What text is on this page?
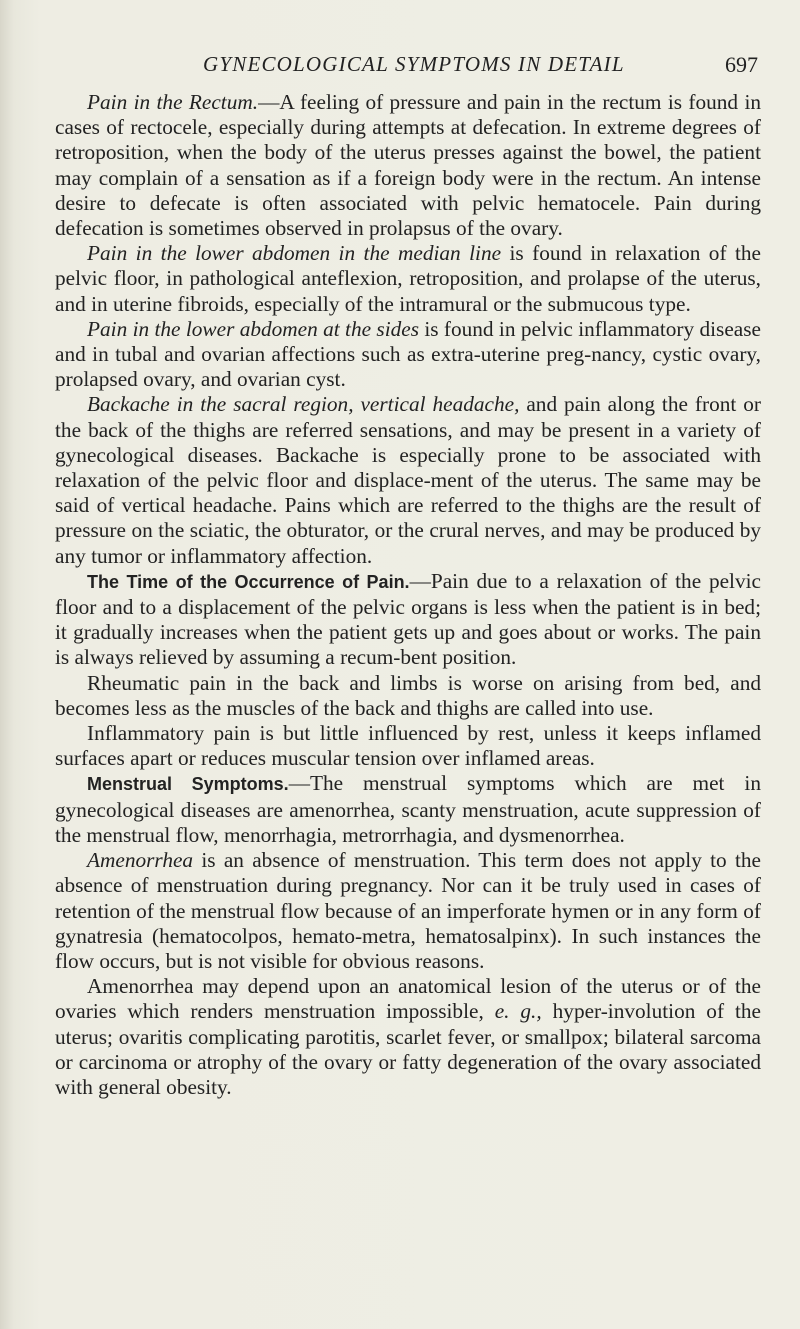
GYNECOLOGICAL SYMPTOMS IN DETAIL	697

Pain in the Rectum.—A feeling of pressure and pain in the rectum is found in cases of rectocele, especially during attempts at defecation. In extreme degrees of retroposition, when the body of the uterus presses against the bowel, the patient may complain of a sensation as if a foreign body were in the rectum. An intense desire to defecate is often associated with pelvic hematocele. Pain during defecation is sometimes observed in prolapsus of the ovary.

Pain in the lower abdomen in the median line is found in relaxation of the pelvic floor, in pathological anteflexion, retroposition, and prolapse of the uterus, and in uterine fibroids, especially of the intramural or the submucous type.

Pain in the lower abdomen at the sides is found in pelvic inflammatory disease and in tubal and ovarian affections such as extra-uterine preg-nancy, cystic ovary, prolapsed ovary, and ovarian cyst.

Backache in the sacral region, vertical headache, and pain along the front or the back of the thighs are referred sensations, and may be present in a variety of gynecological diseases. Backache is especially prone to be associated with relaxation of the pelvic floor and displace-ment of the uterus. The same may be said of vertical headache. Pains which are referred to the thighs are the result of pressure on the sciatic, the obturator, or the crural nerves, and may be produced by any tumor or inflammatory affection.

The Time of the Occurrence of Pain.—Pain due to a relaxation of the pelvic floor and to a displacement of the pelvic organs is less when the patient is in bed; it gradually increases when the patient gets up and goes about or works. The pain is always relieved by assuming a recum-bent position.

Rheumatic pain in the back and limbs is worse on arising from bed, and becomes less as the muscles of the back and thighs are called into use.

Inflammatory pain is but little influenced by rest, unless it keeps inflamed surfaces apart or reduces muscular tension over inflamed areas.

Menstrual Symptoms.—The menstrual symptoms which are met in gynecological diseases are amenorrhea, scanty menstruation, acute suppression of the menstrual flow, menorrhagia, metrorrhagia, and dysmenorrhea.

Amenorrhea is an absence of menstruation. This term does not apply to the absence of menstruation during pregnancy. Nor can it be truly used in cases of retention of the menstrual flow because of an imperforate hymen or in any form of gynatresia (hematocolpos, hemato-metra, hematosalpinx). In such instances the flow occurs, but is not visible for obvious reasons.

Amenorrhea may depend upon an anatomical lesion of the uterus or of the ovaries which renders menstruation impossible, e. g., hyper-involution of the uterus; ovaritis complicating parotitis, scarlet fever, or smallpox; bilateral sarcoma or carcinoma or atrophy of the ovary or fatty degeneration of the ovary associated with general obesity.
